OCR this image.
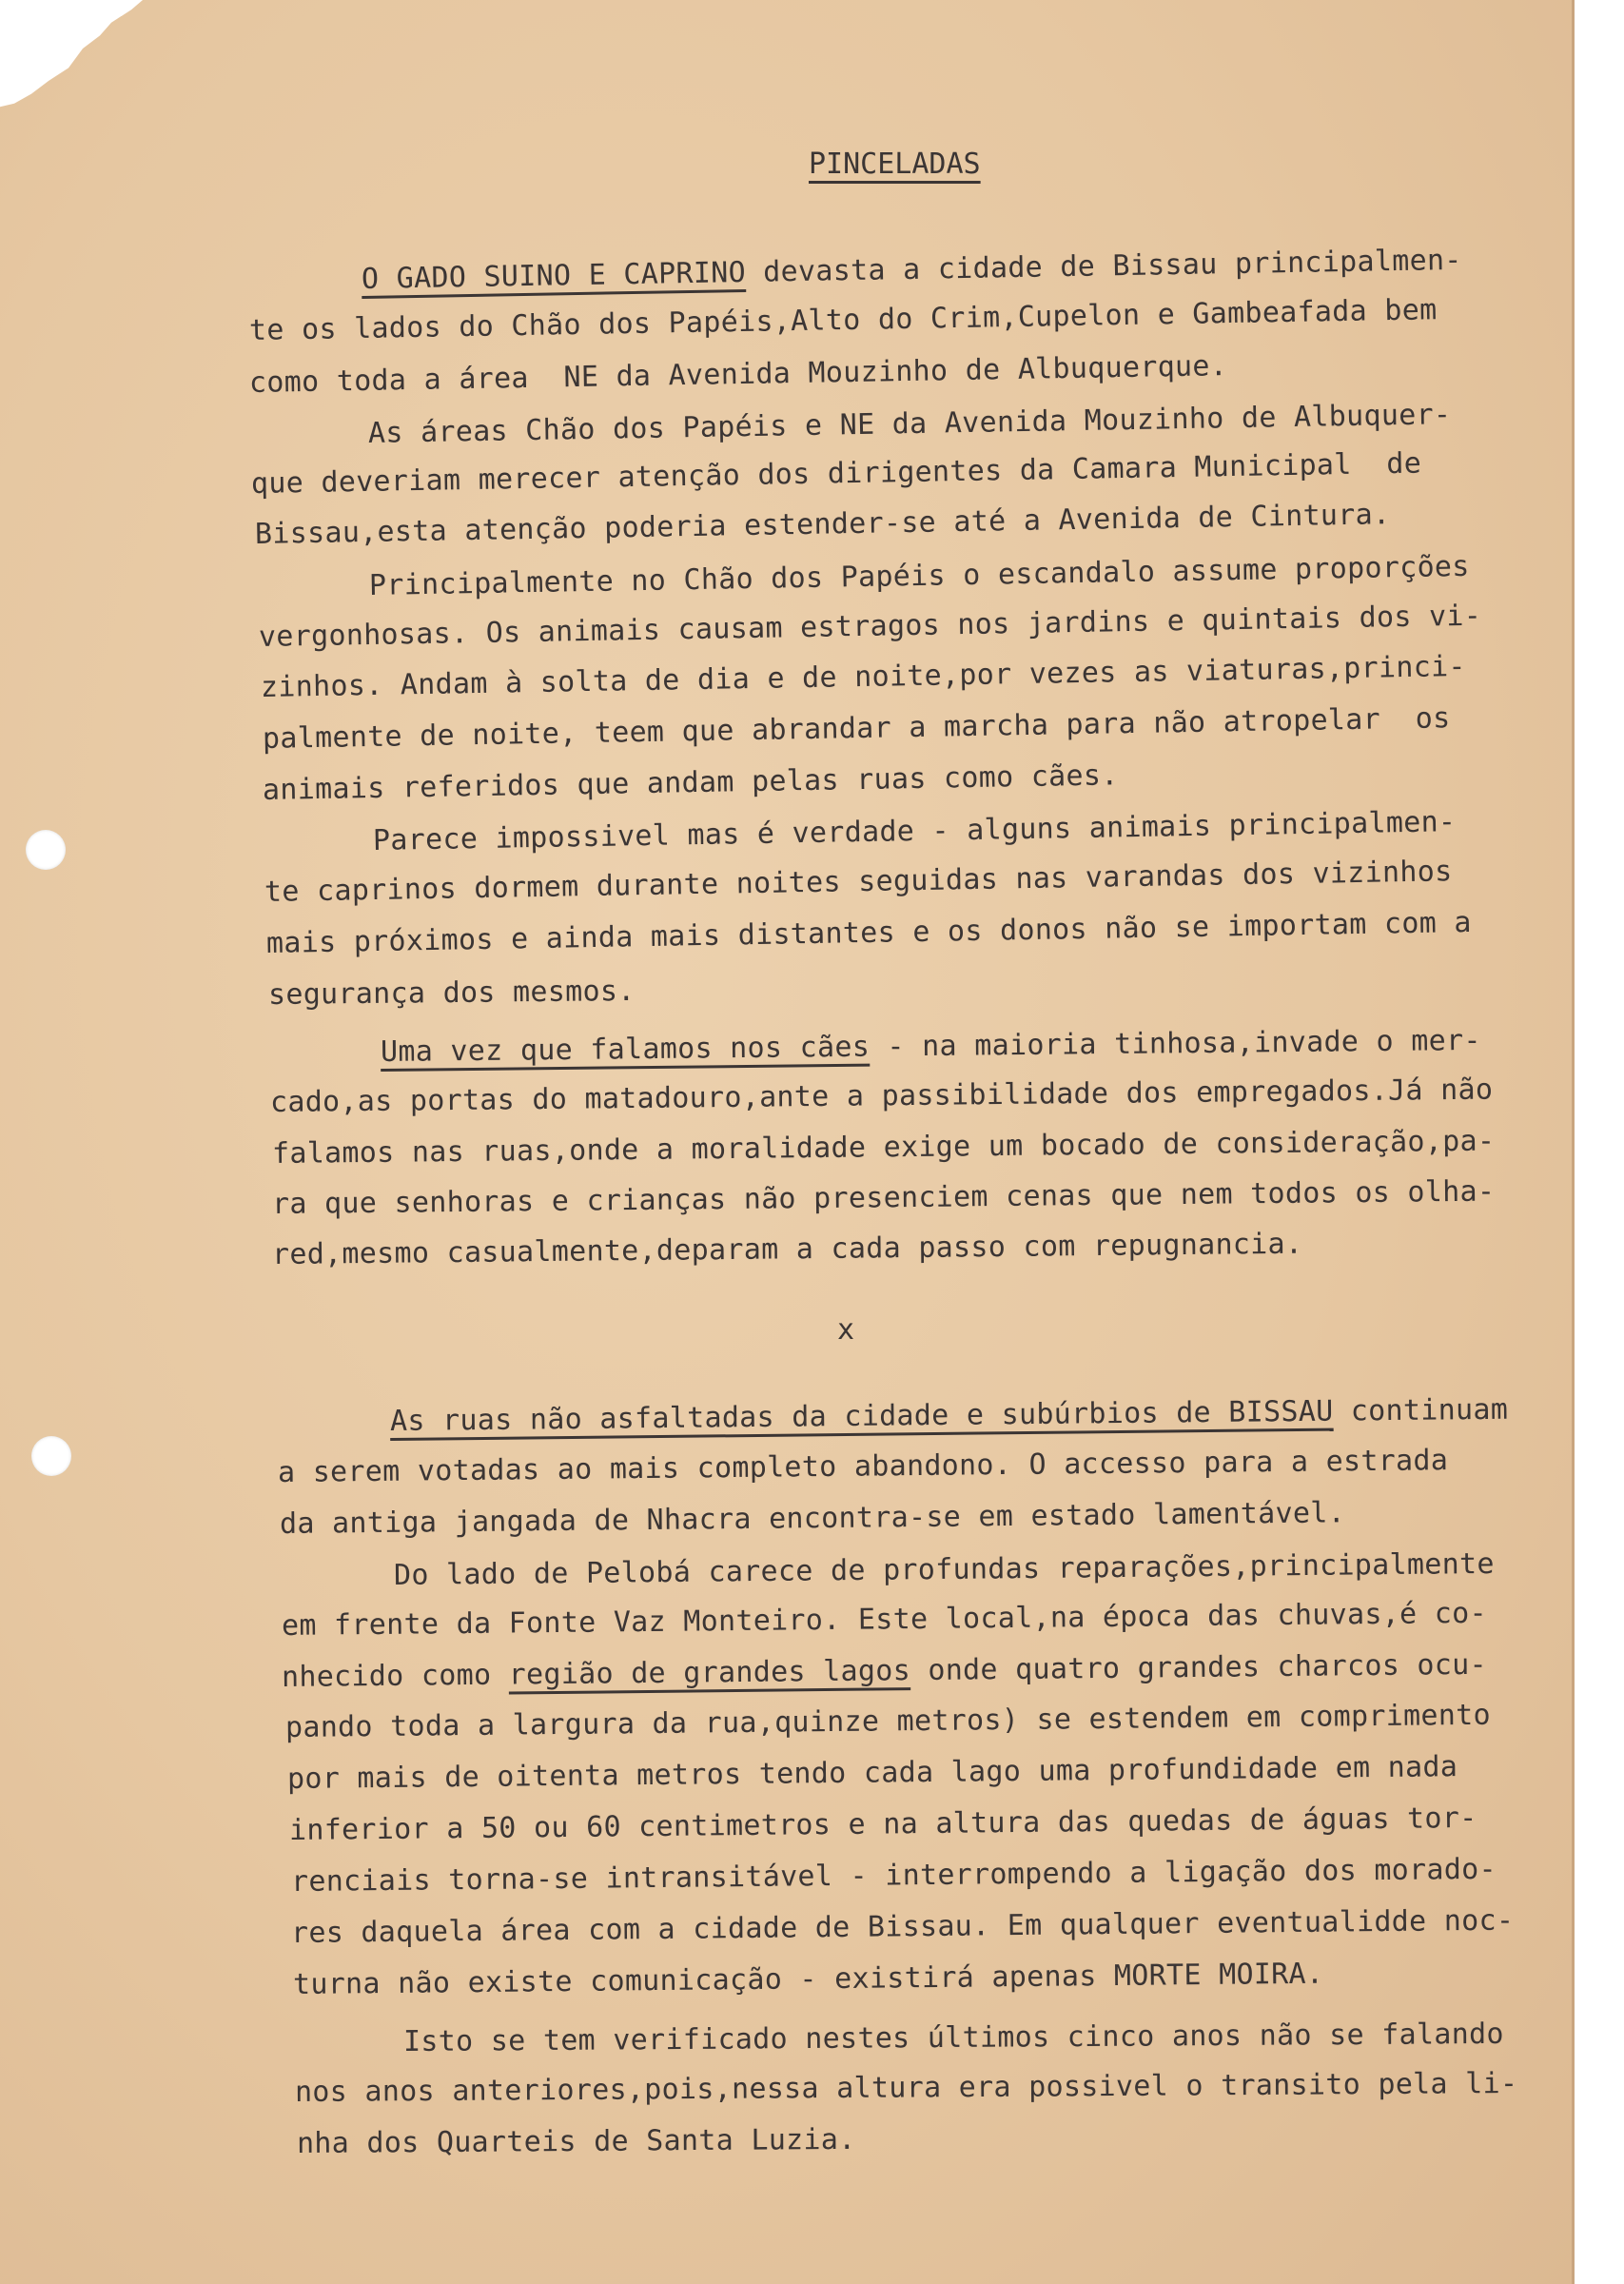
PINCELADAS
O GADO SUINO E CAPRINO devasta a cidade de Bissau principalmen-
te os lados do Chão dos Papéis,Alto do Crim,Cupelon e Gambeafada bem
como toda a área  NE da Avenida Mouzinho de Albuquerque.
As áreas Chão dos Papéis e NE da Avenida Mouzinho de Albuquer-
que deveriam merecer atenção dos dirigentes da Camara Municipal  de
Bissau,esta atenção poderia estender-se até a Avenida de Cintura.
Principalmente no Chão dos Papéis o escandalo assume proporções
vergonhosas. Os animais causam estragos nos jardins e quintais dos vi-
zinhos. Andam à solta de dia e de noite,por vezes as viaturas,princi-
palmente de noite, teem que abrandar a marcha para não atropelar  os
animais referidos que andam pelas ruas como cães.
Parece impossivel mas é verdade - alguns animais principalmen-
te caprinos dormem durante noites seguidas nas varandas dos vizinhos
mais próximos e ainda mais distantes e os donos não se importam com a
segurança dos mesmos.
Uma vez que falamos nos cães - na maioria tinhosa,invade o mer-
cado,as portas do matadouro,ante a passibilidade dos empregados.Já não
falamos nas ruas,onde a moralidade exige um bocado de consideração,pa-
ra que senhoras e crianças não presenciem cenas que nem todos os olha-
red,mesmo casualmente,deparam a cada passo com repugnancia.
As ruas não asfaltadas da cidade e subúrbios de BISSAU continuam
a serem votadas ao mais completo abandono. O accesso para a estrada
da antiga jangada de Nhacra encontra-se em estado lamentável.
Do lado de Pelobá carece de profundas reparações,principalmente
em frente da Fonte Vaz Monteiro. Este local,na época das chuvas,é co-
nhecido como região de grandes lagos onde quatro grandes charcos ocu-
pando toda a largura da rua,quinze metros) se estendem em comprimento
por mais de oitenta metros tendo cada lago uma profundidade em nada
inferior a 50 ou 60 centimetros e na altura das quedas de águas tor-
renciais torna-se intransitável - interrompendo a ligação dos morado-
res daquela área com a cidade de Bissau. Em qualquer eventualidde noc-
turna não existe comunicação - existirá apenas MORTE MOIRA.
Isto se tem verificado nestes últimos cinco anos não se falando
nos anos anteriores,pois,nessa altura era possivel o transito pela li-
nha dos Quarteis de Santa Luzia.
x
